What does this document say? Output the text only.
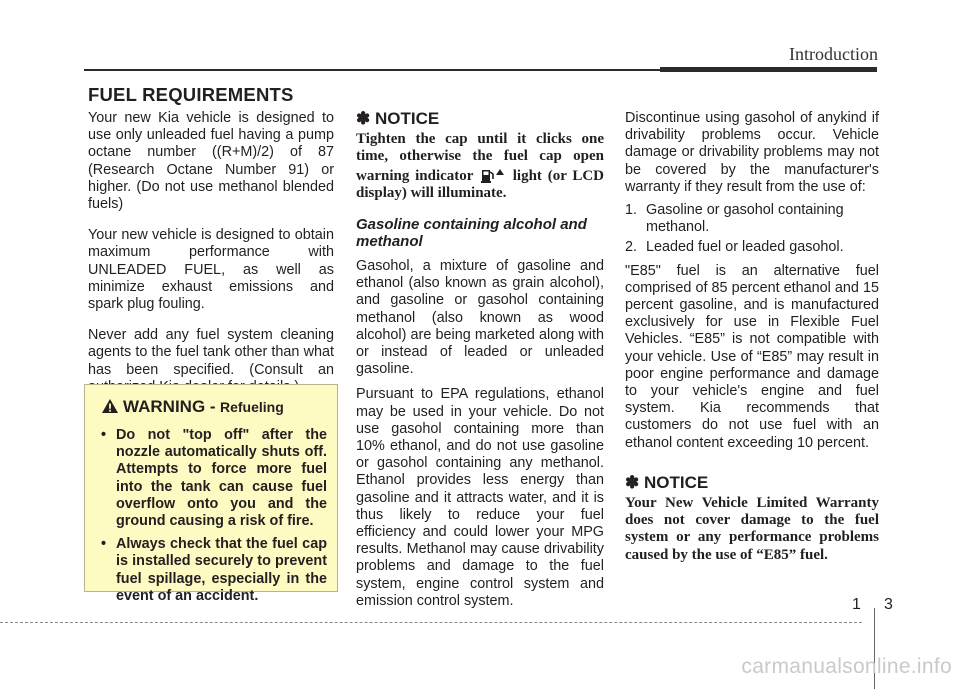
Introduction
FUEL REQUIREMENTS

Your new Kia vehicle is designed to use only unleaded fuel having a pump octane number ((R+M)/2) of 87 (Research Octane Number 91) or higher. (Do not use methanol blended fuels)

Your new vehicle is designed to obtain maximum performance with UNLEADED FUEL, as well as minimize exhaust emissions and spark plug fouling.

Never add any fuel system cleaning agents to the fuel tank other than what has been specified. (Consult an

WARNING - Refueling
• Do not "top off" after the nozzle automatically shuts off. Attempts to force more fuel into the tank can cause fuel overflow onto you and the ground causing a risk of fire.
• Always check that the fuel cap is installed securely to prevent fuel spillage, especially in the event of an accident.
✽ NOTICE
Tighten the cap until it clicks one time, otherwise the fuel cap open warning indicator	light (or LCD display) will illuminate.
Gasoline containing alcohol and methanol

Gasohol, a mixture of gasoline and ethanol (also known as grain alcohol), and gasoline or gasohol containing methanol (also known as wood alcohol) are being marketed along with or instead of leaded or unleaded gasoline.

Pursuant to EPA regulations, ethanol may be used in your vehicle. Do not use gasohol containing more than 10% ethanol, and do not use gasoline or gasohol containing any methanol. Ethanol provides less energy than gasoline and it attracts water, and it is thus likely to reduce your fuel efficiency and could lower your MPG results. Methanol may cause drivability problems and damage to the fuel system, engine control system and emission control system.

Discontinue using gasohol of anykind if drivability problems occur. Vehicle damage or drivability problems may not be covered by the manufacturer's warranty if they result from the use of:

1. Gasoline or gasohol containing methanol.
2. Leaded fuel or leaded gasohol.

"E85" fuel is an alternative fuel comprised of 85 percent ethanol and 15 percent gasoline, and is manufactured exclusively for use in Flexible Fuel Vehicles. “E85” is not compatible with your vehicle. Use of “E85” may result in poor engine performance and damage to your vehicle's engine and fuel system. Kia recommends that customers do not use fuel with an ethanol content exceeding 10 percent.

✽ NOTICE
Your New Vehicle Limited Warranty does not cover damage to the fuel system or any performance problems caused by the use of “E85” fuel.
1 3
carmanualsonline.info
